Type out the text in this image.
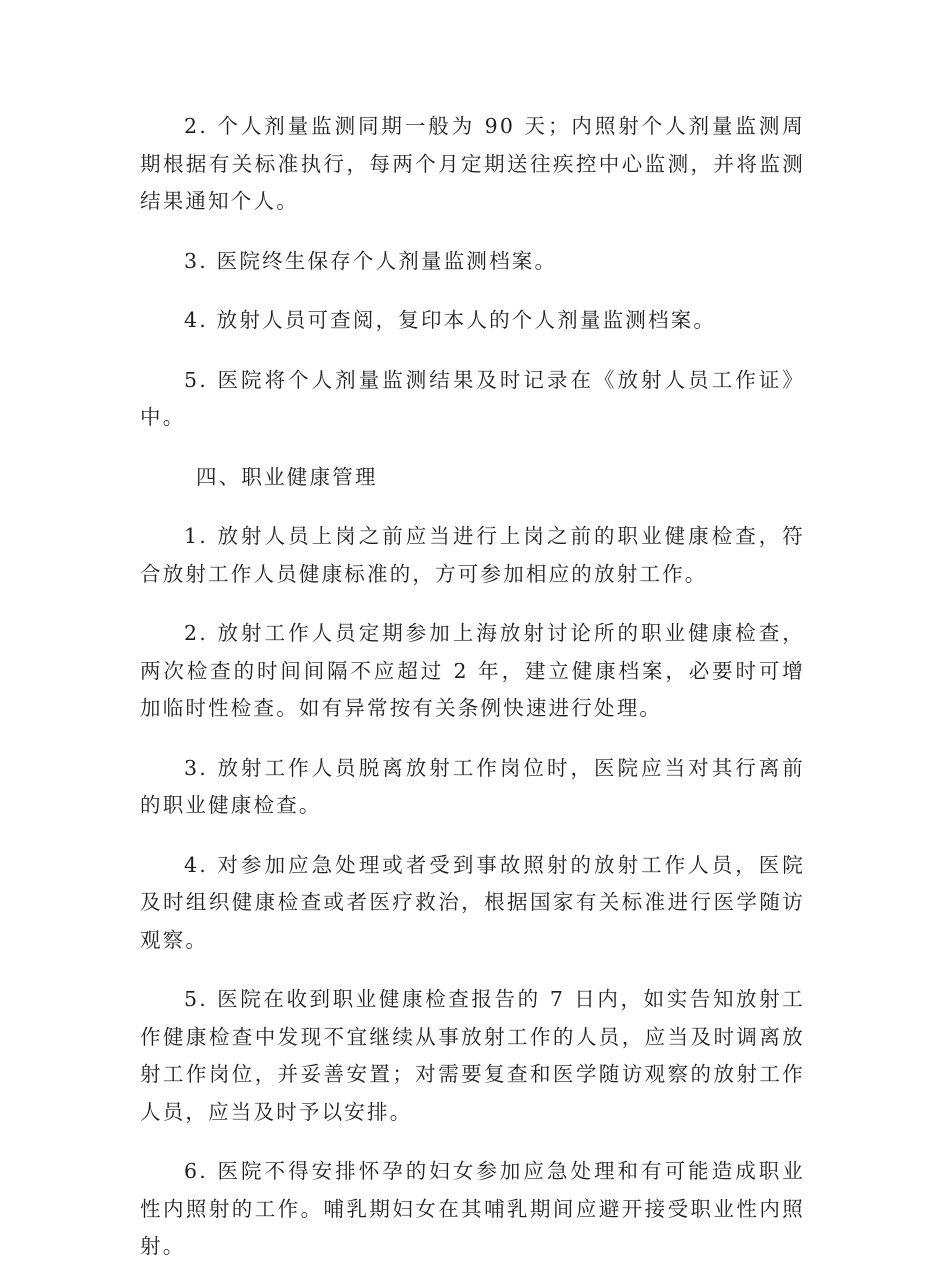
2. 个人剂量监测同期一般为 90 天；内照射个人剂量监测周期根据有关标准执行，每两个月定期送往疾控中心监测，并将监测结果通知个人。

3. 医院终生保存个人剂量监测档案。

4. 放射人员可查阅，复印本人的个人剂量监测档案。

5. 医院将个人剂量监测结果及时记录在《放射人员工作证》中。

四、职业健康管理

1. 放射人员上岗之前应当进行上岗之前的职业健康检查，符合放射工作人员健康标准的，方可参加相应的放射工作。

2. 放射工作人员定期参加上海放射讨论所的职业健康检查，两次检查的时间间隔不应超过 2 年，建立健康档案，必要时可增加临时性检查。如有异常按有关条例快速进行处理。

3. 放射工作人员脱离放射工作岗位时，医院应当对其行离前的职业健康检查。

4. 对参加应急处理或者受到事故照射的放射工作人员，医院及时组织健康检查或者医疗救治，根据国家有关标准进行医学随访观察。

5. 医院在收到职业健康检查报告的 7 日内，如实告知放射工作健康检查中发现不宜继续从事放射工作的人员，应当及时调离放射工作岗位，并妥善安置；对需要复查和医学随访观察的放射工作人员，应当及时予以安排。

6. 医院不得安排怀孕的妇女参加应急处理和有可能造成职业性内照射的工作。哺乳期妇女在其哺乳期间应避开接受职业性内照射。
